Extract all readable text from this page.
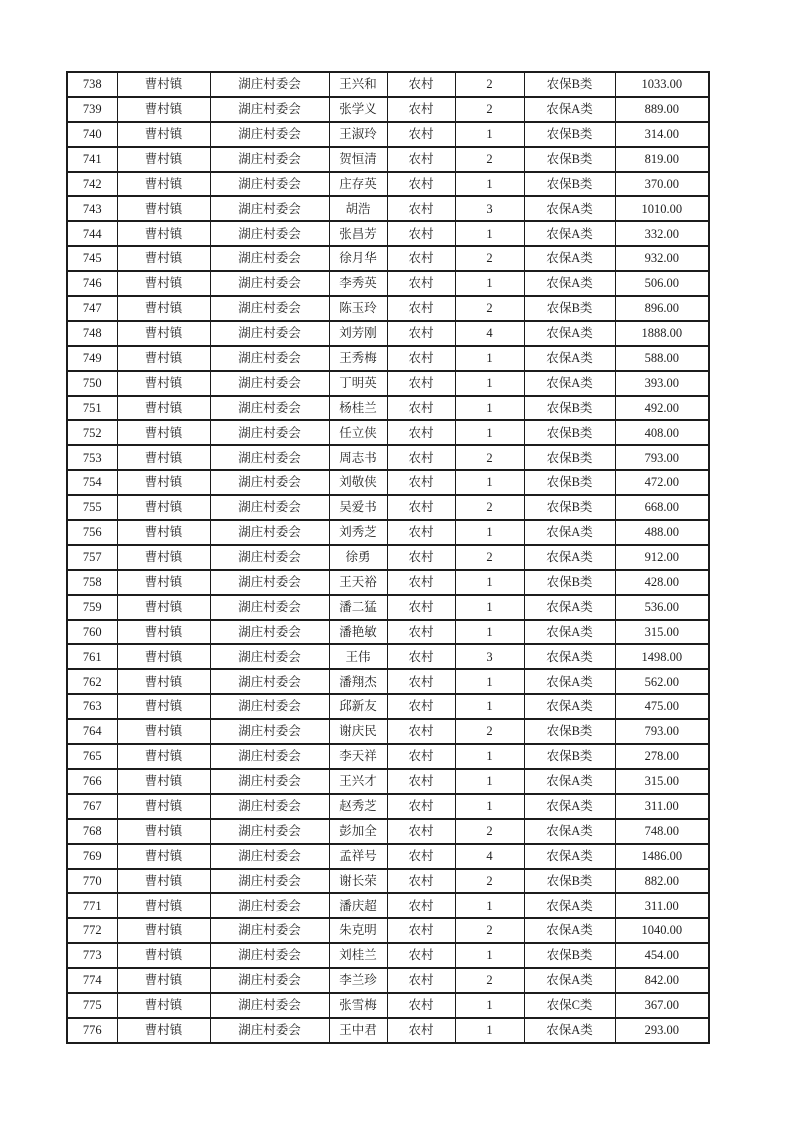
738	曹村镇	湖庄村委会	王兴和	农村	2	农保B类	1033.00
739	曹村镇	湖庄村委会	张学义	农村	2	农保A类	889.00
740	曹村镇	湖庄村委会	王淑玲	农村	1	农保B类	314.00
741	曹村镇	湖庄村委会	贺恒清	农村	2	农保B类	819.00
742	曹村镇	湖庄村委会	庄存英	农村	1	农保B类	370.00
743	曹村镇	湖庄村委会	胡浩	农村	3	农保A类	1010.00
744	曹村镇	湖庄村委会	张昌芳	农村	1	农保A类	332.00
745	曹村镇	湖庄村委会	徐月华	农村	2	农保A类	932.00
746	曹村镇	湖庄村委会	李秀英	农村	1	农保A类	506.00
747	曹村镇	湖庄村委会	陈玉玲	农村	2	农保B类	896.00
748	曹村镇	湖庄村委会	刘芳刚	农村	4	农保A类	1888.00
749	曹村镇	湖庄村委会	王秀梅	农村	1	农保A类	588.00
750	曹村镇	湖庄村委会	丁明英	农村	1	农保A类	393.00
751	曹村镇	湖庄村委会	杨桂兰	农村	1	农保B类	492.00
752	曹村镇	湖庄村委会	任立侠	农村	1	农保B类	408.00
753	曹村镇	湖庄村委会	周志书	农村	2	农保B类	793.00
754	曹村镇	湖庄村委会	刘敬侠	农村	1	农保B类	472.00
755	曹村镇	湖庄村委会	吴爱书	农村	2	农保B类	668.00
756	曹村镇	湖庄村委会	刘秀芝	农村	1	农保A类	488.00
757	曹村镇	湖庄村委会	徐勇	农村	2	农保A类	912.00
758	曹村镇	湖庄村委会	王天裕	农村	1	农保B类	428.00
759	曹村镇	湖庄村委会	潘二猛	农村	1	农保A类	536.00
760	曹村镇	湖庄村委会	潘艳敏	农村	1	农保A类	315.00
761	曹村镇	湖庄村委会	王伟	农村	3	农保A类	1498.00
762	曹村镇	湖庄村委会	潘翔杰	农村	1	农保A类	562.00
763	曹村镇	湖庄村委会	邱新友	农村	1	农保A类	475.00
764	曹村镇	湖庄村委会	谢庆民	农村	2	农保B类	793.00
765	曹村镇	湖庄村委会	李天祥	农村	1	农保B类	278.00
766	曹村镇	湖庄村委会	王兴才	农村	1	农保A类	315.00
767	曹村镇	湖庄村委会	赵秀芝	农村	1	农保A类	311.00
768	曹村镇	湖庄村委会	彭加全	农村	2	农保A类	748.00
769	曹村镇	湖庄村委会	孟祥号	农村	4	农保A类	1486.00
770	曹村镇	湖庄村委会	谢长荣	农村	2	农保B类	882.00
771	曹村镇	湖庄村委会	潘庆超	农村	1	农保A类	311.00
772	曹村镇	湖庄村委会	朱克明	农村	2	农保A类	1040.00
773	曹村镇	湖庄村委会	刘桂兰	农村	1	农保B类	454.00
774	曹村镇	湖庄村委会	李兰珍	农村	2	农保A类	842.00
775	曹村镇	湖庄村委会	张雪梅	农村	1	农保C类	367.00
776	曹村镇	湖庄村委会	王中君	农村	1	农保A类	293.00
